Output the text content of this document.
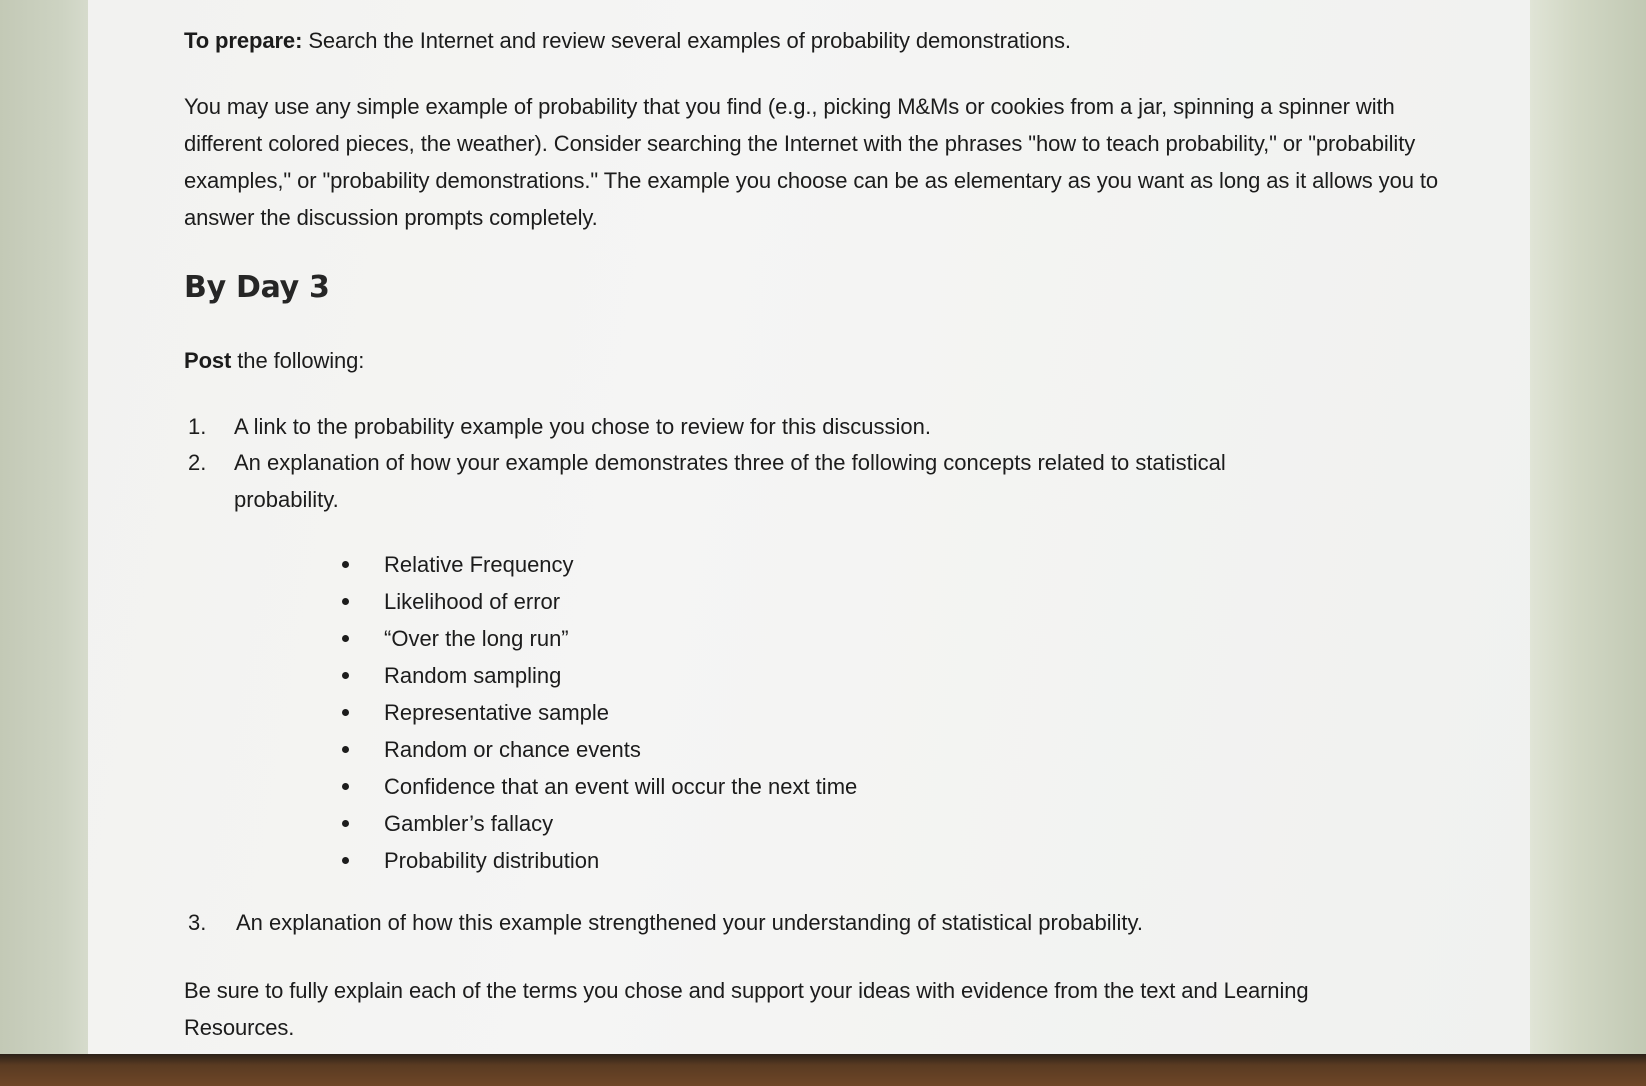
To prepare: Search the Internet and review several examples of probability demonstrations.

You may use any simple example of probability that you find (e.g., picking M&Ms or cookies from a jar, spinning a spinner with different colored pieces, the weather). Consider searching the Internet with the phrases "how to teach probability," or "probability examples," or "probability demonstrations." The example you choose can be as elementary as you want as long as it allows you to answer the discussion prompts completely.

By Day 3

Post the following:

1. A link to the probability example you chose to review for this discussion.
2. An explanation of how your example demonstrates three of the following concepts related to statistical probability.
Relative Frequency
Likelihood of error
“Over the long run”
Random sampling
Representative sample
Random or chance events
Confidence that an event will occur the next time
Gambler’s fallacy
Probability distribution
3. An explanation of how this example strengthened your understanding of statistical probability.

Be sure to fully explain each of the terms you chose and support your ideas with evidence from the text and Learning Resources.
